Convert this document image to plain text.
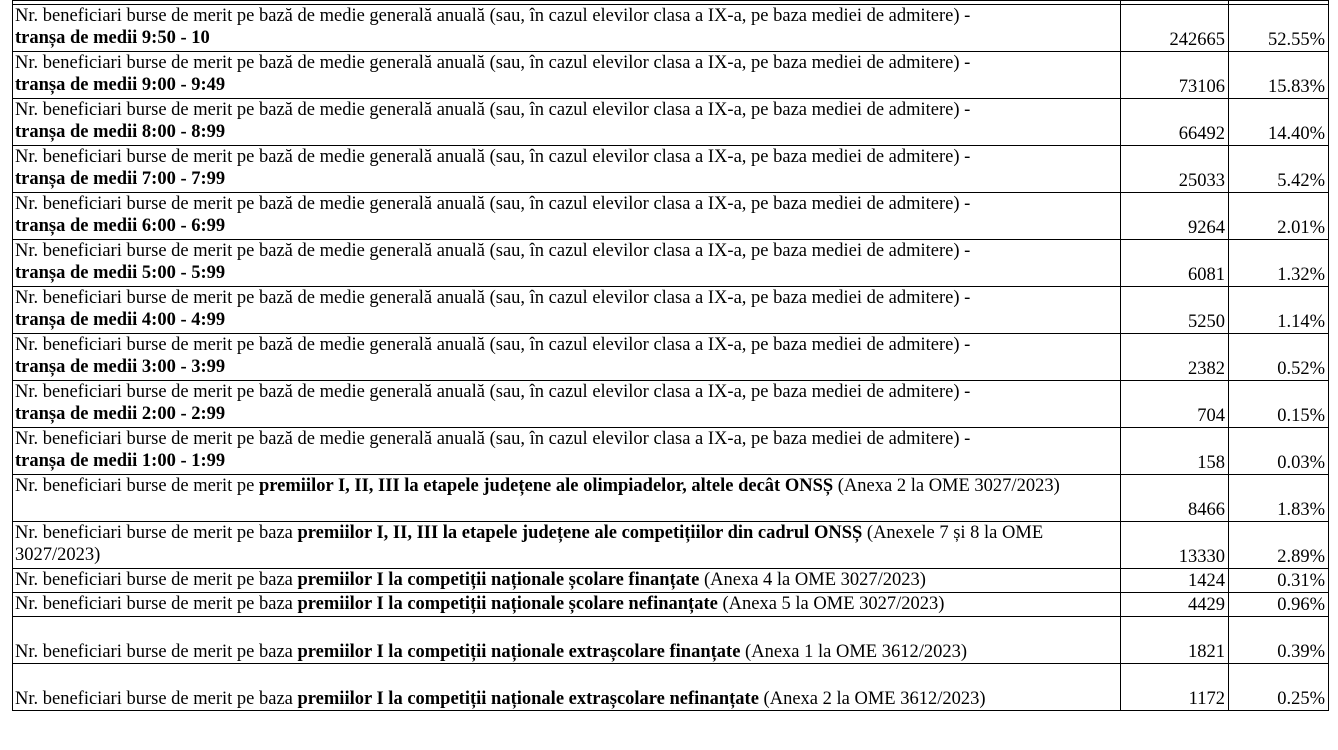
Nr. beneficiari burse de merit pe bază de medie generală anuală (sau, în cazul elevilor clasa a IX-a, pe baza mediei de admitere) -
tranșa de medii 9:50 - 10	242665	52.55%

Nr. beneficiari burse de merit pe bază de medie generală anuală (sau, în cazul elevilor clasa a IX-a, pe baza mediei de admitere) -
tranșa de medii 9:00 - 9:49	73106	15.83%

Nr. beneficiari burse de merit pe bază de medie generală anuală (sau, în cazul elevilor clasa a IX-a, pe baza mediei de admitere) -
tranșa de medii 8:00 - 8:99	66492	14.40%

Nr. beneficiari burse de merit pe bază de medie generală anuală (sau, în cazul elevilor clasa a IX-a, pe baza mediei de admitere) -
tranșa de medii 7:00 - 7:99	25033	5.42%

Nr. beneficiari burse de merit pe bază de medie generală anuală (sau, în cazul elevilor clasa a IX-a, pe baza mediei de admitere) -
tranșa de medii 6:00 - 6:99	9264	2.01%

Nr. beneficiari burse de merit pe bază de medie generală anuală (sau, în cazul elevilor clasa a IX-a, pe baza mediei de admitere) -
tranșa de medii 5:00 - 5:99	6081	1.32%

Nr. beneficiari burse de merit pe bază de medie generală anuală (sau, în cazul elevilor clasa a IX-a, pe baza mediei de admitere) -
tranșa de medii 4:00 - 4:99	5250	1.14%

Nr. beneficiari burse de merit pe bază de medie generală anuală (sau, în cazul elevilor clasa a IX-a, pe baza mediei de admitere) -
tranșa de medii 3:00 - 3:99	2382	0.52%

Nr. beneficiari burse de merit pe bază de medie generală anuală (sau, în cazul elevilor clasa a IX-a, pe baza mediei de admitere) -
tranșa de medii 2:00 - 2:99	704	0.15%

Nr. beneficiari burse de merit pe bază de medie generală anuală (sau, în cazul elevilor clasa a IX-a, pe baza mediei de admitere) -
tranșa de medii 1:00 - 1:99	158	0.03%
Nr. beneficiari burse de merit pe premiilor I, II, III la etapele județene ale olimpiadelor, altele decât ONSȘ (Anexa 2 la OME 3027/2023)	8466	1.83%
Nr. beneficiari burse de merit pe baza premiilor I, II, III la etapele județene ale competițiilor din cadrul ONSȘ (Anexele 7 și 8 la OME 3027/2023)	13330	2.89%
Nr. beneficiari burse de merit pe baza premiilor I la competiții naționale școlare finanțate (Anexa 4 la OME 3027/2023)	1424	0.31%
Nr. beneficiari burse de merit pe baza premiilor I la competiții naționale școlare nefinanțate (Anexa 5 la OME 3027/2023)	4429	0.96%
Nr. beneficiari burse de merit pe baza premiilor I la competiții naționale extrașcolare finanțate (Anexa 1 la OME 3612/2023)	1821	0.39%
Nr. beneficiari burse de merit pe baza premiilor I la competiții naționale extrașcolare nefinanțate (Anexa 2 la OME 3612/2023)	1172	0.25%
